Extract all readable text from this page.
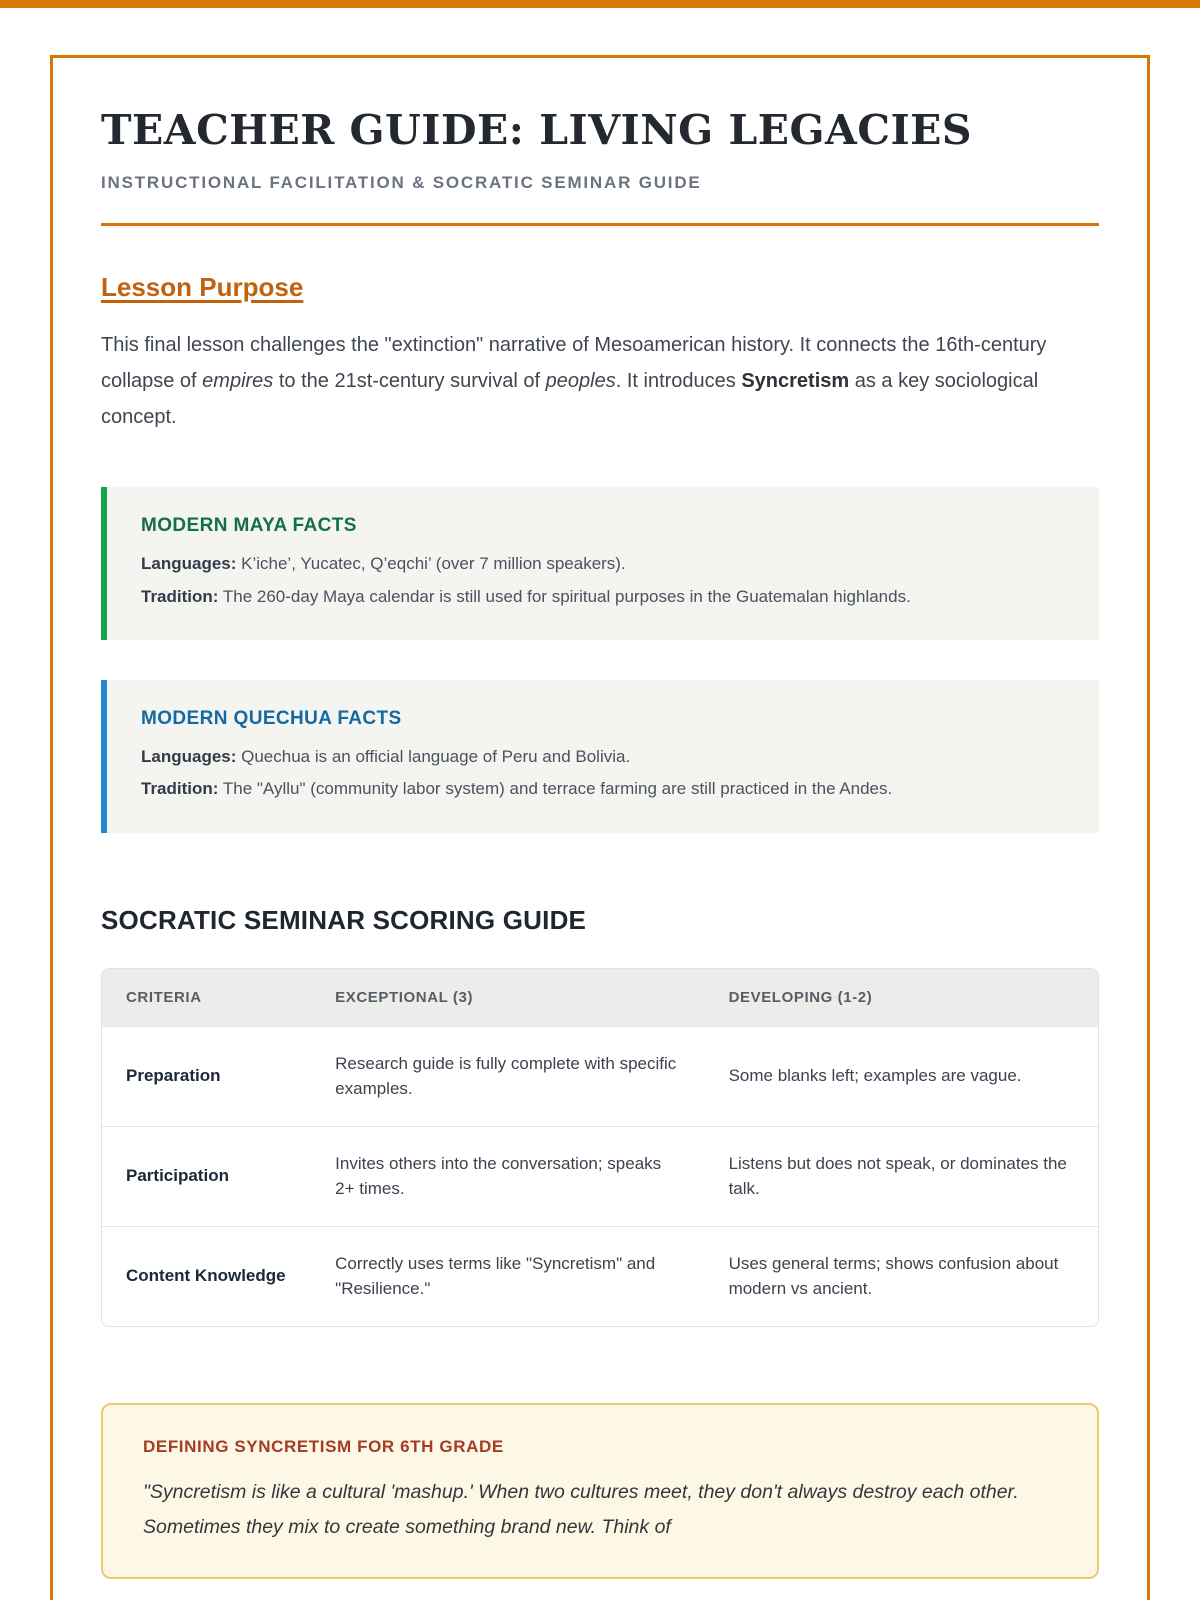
TEACHER GUIDE: LIVING LEGACIES
INSTRUCTIONAL FACILITATION & SOCRATIC SEMINAR GUIDE
Lesson Purpose

This final lesson challenges the "extinction" narrative of Mesoamerican history. It connects the 16th-century collapse of empires to the 21st-century survival of peoples. It introduces Syncretism as a key sociological concept.

MODERN MAYA FACTS

Languages: K’iche’, Yucatec, Q’eqchi’ (over 7 million speakers).

Tradition: The 260-day Maya calendar is still used for spiritual purposes in the Guatemalan highlands.

MODERN QUECHUA FACTS

Languages: Quechua is an official language of Peru and Bolivia.

Tradition: The "Ayllu" (community labor system) and terrace farming are still practiced in the Andes.

SOCRATIC SEMINAR SCORING GUIDE
CRITERIA	EXCEPTIONAL (3)	DEVELOPING (1-2)
Preparation	Research guide is fully complete with specific examples.	Some blanks left; examples are vague.
Participation	Invites others into the conversation; speaks 2+ times.	Listens but does not speak, or dominates the talk.
Content Knowledge	Correctly uses terms like "Syncretism" and "Resilience."	Uses general terms; shows confusion about modern vs ancient.
DEFINING SYNCRETISM FOR 6TH GRADE

"Syncretism is like a cultural 'mashup.' When two cultures meet, they don't always destroy each other. Sometimes they mix to create something brand new. Think of
